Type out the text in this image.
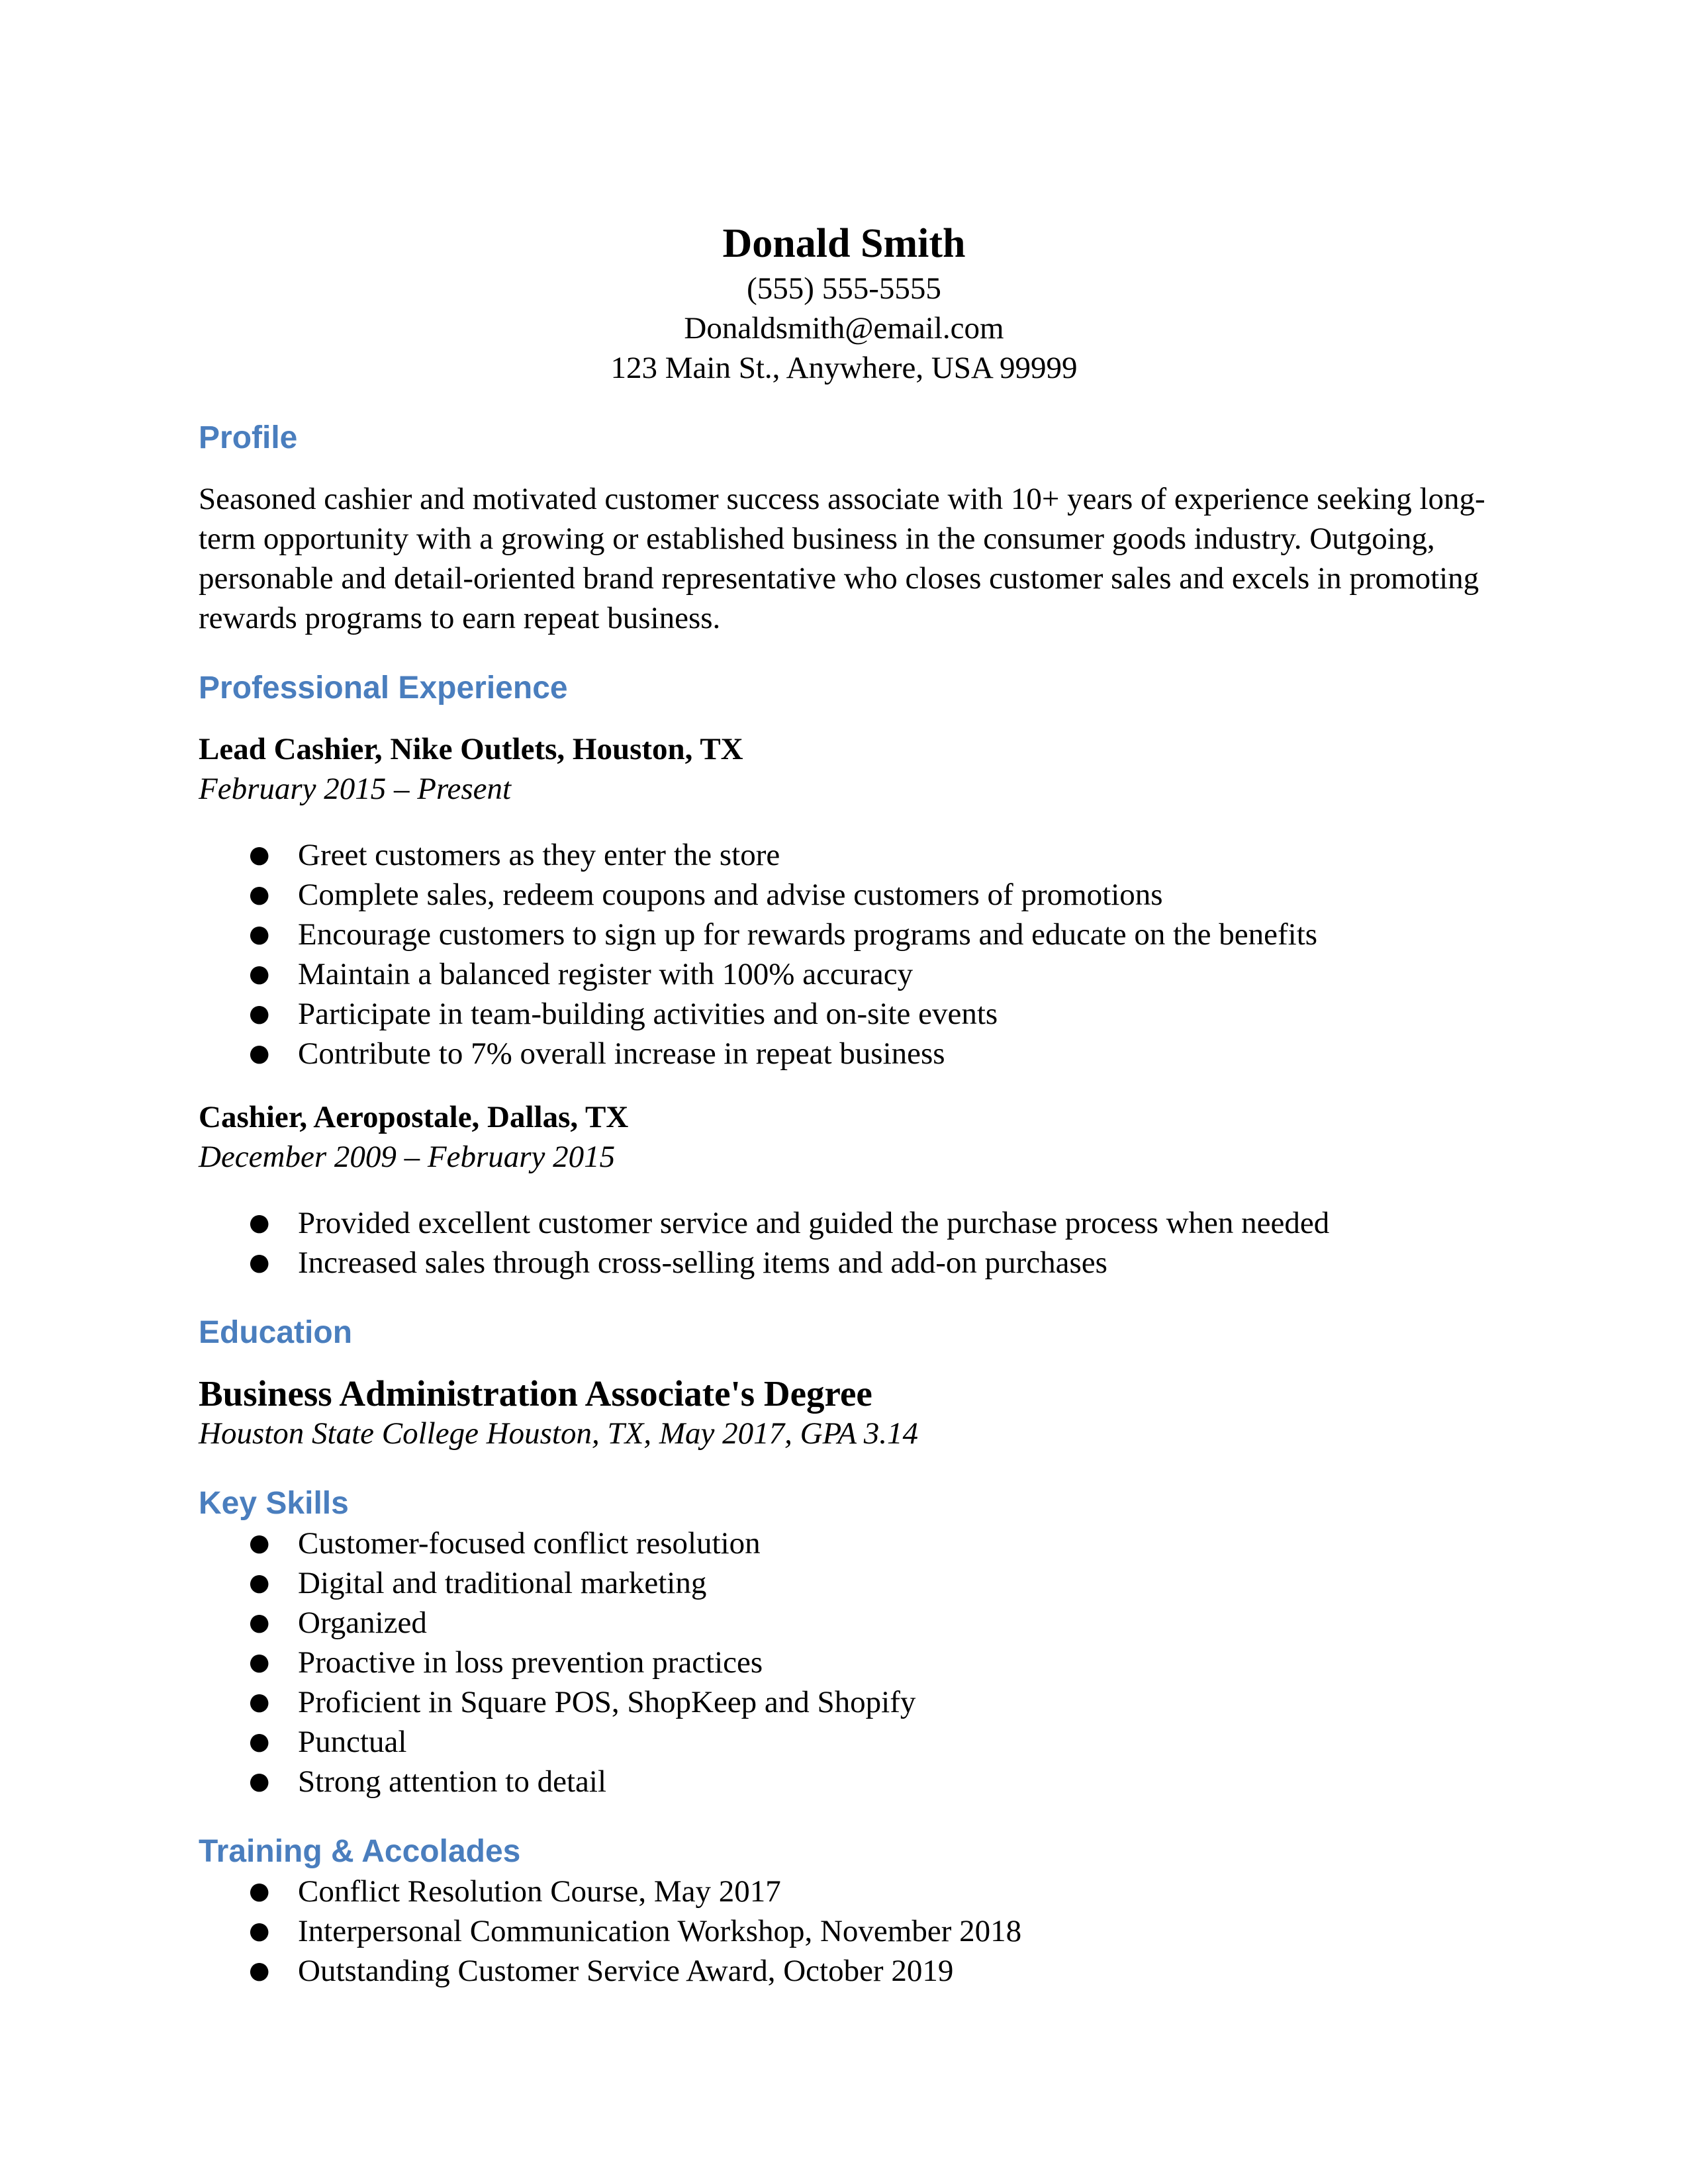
Donald Smith
(555) 555-5555
Donaldsmith@email.com
123 Main St., Anywhere, USA 99999
Profile

Seasoned cashier and motivated customer success associate with 10+ years of experience seeking long-term opportunity with a growing or established business in the consumer goods industry. Outgoing, personable and detail-oriented brand representative who closes customer sales and excels in promoting rewards programs to earn repeat business.

Professional Experience
Lead Cashier, Nike Outlets, Houston, TX
February 2015 – Present
● Greet customers as they enter the store
● Complete sales, redeem coupons and advise customers of promotions
● Encourage customers to sign up for rewards programs and educate on the benefits
● Maintain a balanced register with 100% accuracy
● Participate in team-building activities and on-site events
● Contribute to 7% overall increase in repeat business
Cashier, Aeropostale, Dallas, TX
December 2009 – February 2015
● Provided excellent customer service and guided the purchase process when needed
● Increased sales through cross-selling items and add-on purchases
Education
Business Administration Associate's Degree
Houston State College Houston, TX, May 2017, GPA 3.14
Key Skills
● Customer-focused conflict resolution
● Digital and traditional marketing
● Organized
● Proactive in loss prevention practices
● Proficient in Square POS, ShopKeep and Shopify
● Punctual
● Strong attention to detail
Training & Accolades
● Conflict Resolution Course, May 2017
● Interpersonal Communication Workshop, November 2018
● Outstanding Customer Service Award, October 2019
